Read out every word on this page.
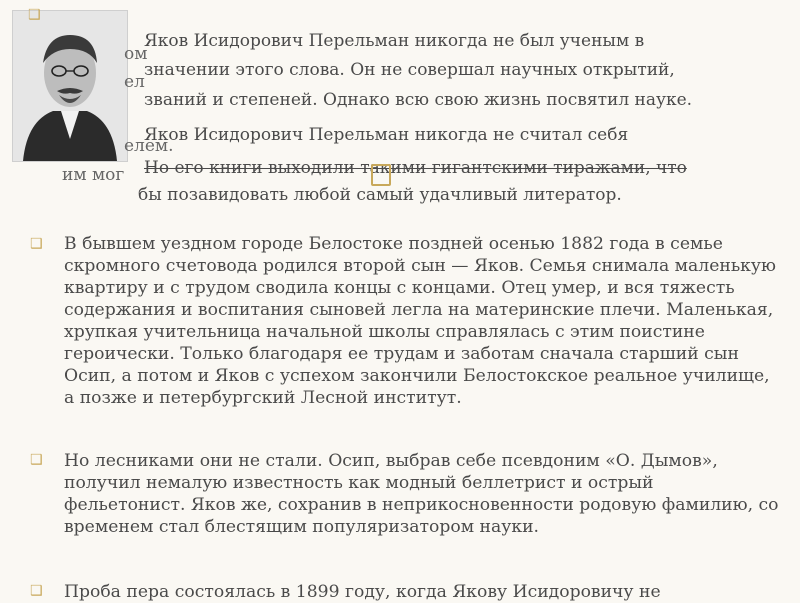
❑
ом
ел
Яков Исидорович Перельман никогда не был ученым в
значении этого слова. Он не совершал научных открытий,
званий и степеней. Однако всю свою жизнь посвятил науке.
Яков Исидорович Перельман никогда не считал себя
елем.
им мог Но его книги выходили такими гигантскими тиражами, что
бы позавидовать любой самый удачливый литератор.
❑ В бывшем уездном городе Белостоке поздней осенью 1882 года в семье скромного счетовода родился второй сын — Яков. Семья снимала маленькую квартиру и с трудом сводила концы с концами. Отец умер, и вся тяжесть содержания и воспитания сыновей легла на материнские плечи. Маленькая, хрупкая учительница начальной школы справлялась с этим поистине героически. Только благодаря ее трудам и заботам сначала старший сын Осип, а потом и Яков с успехом закончили Белостокское реальное училище, а позже и петербургский Лесной институт.
❑ Но лесниками они не стали. Осип, выбрав себе псевдоним «О. Дымов», получил немалую известность как модный беллетрист и острый фельетонист. Яков же, сохранив в неприкосновенности родовую фамилию, со временем стал блестящим популяризатором науки.
❑ Проба пера состоялась в 1899 году, когда Якову Исидоровичу не
